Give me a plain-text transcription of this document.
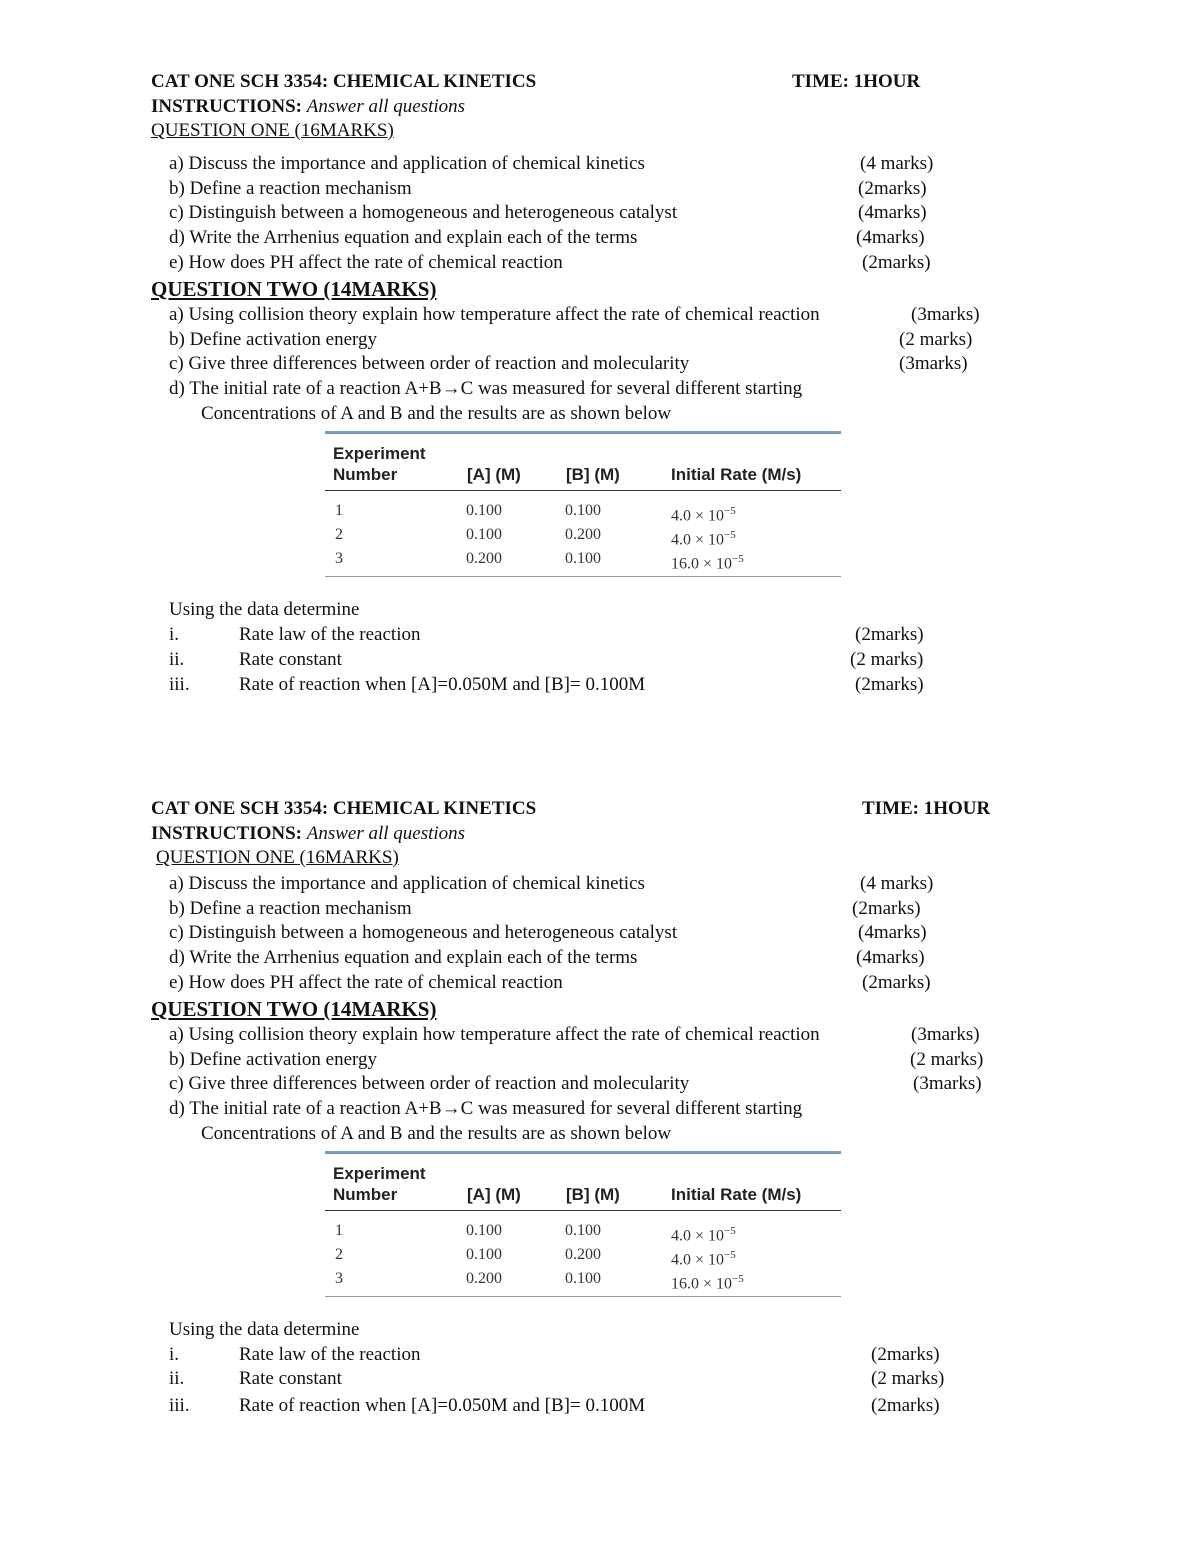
CAT ONE SCH 3354: CHEMICAL KINETICS	TIME: 1HOUR
INSTRUCTIONS: Answer all questions
QUESTION ONE (16MARKS)
a) Discuss the importance and application of chemical kinetics	(4 marks)
b) Define a reaction mechanism	(2marks)
c) Distinguish between a homogeneous and heterogeneous catalyst	(4marks)
d) Write the Arrhenius equation and explain each of the terms	(4marks)
e) How does PH affect the rate of chemical reaction	(2marks)
QUESTION TWO (14MARKS)
a) Using collision theory explain how temperature affect the rate of chemical reaction	(3marks)
b) Define activation energy	(2 marks)
c) Give three differences between order of reaction and molecularity	(3marks)
d) The initial rate of a reaction A+B→C was measured for several different starting
Concentrations of A and B and the results are as shown below
Experiment
Number	[A] (M)	[B] (M)	Initial Rate (M/s)
1	0.100	0.100	$4.0 \times 10^{-5}$
2	0.100	0.200	$4.0 \times 10^{-5}$
3	0.200	0.100	$16.0 \times 10^{-5}$
Using the data determine
i.	Rate law of the reaction	(2marks)
ii.	Rate constant	(2 marks)
iii.	Rate of reaction when [A]=0.050M and [B]= 0.100M	(2marks)
CAT ONE SCH 3354: CHEMICAL KINETICS	TIME: 1HOUR
INSTRUCTIONS: Answer all questions
QUESTION ONE (16MARKS)
a) Discuss the importance and application of chemical kinetics	(4 marks)
b) Define a reaction mechanism	(2marks)
c) Distinguish between a homogeneous and heterogeneous catalyst	(4marks)
d) Write the Arrhenius equation and explain each of the terms	(4marks)
e) How does PH affect the rate of chemical reaction	(2marks)
QUESTION TWO (14MARKS)
a) Using collision theory explain how temperature affect the rate of chemical reaction	(3marks)
b) Define activation energy	(2 marks)
c) Give three differences between order of reaction and molecularity	(3marks)
d) The initial rate of a reaction A+B→C was measured for several different starting
Concentrations of A and B and the results are as shown below
Experiment
Number	[A] (M)	[B] (M)	Initial Rate (M/s)
1	0.100	0.100	$4.0 \times 10^{-5}$
2	0.100	0.200	$4.0 \times 10^{-5}$
3	0.200	0.100	$16.0 \times 10^{-5}$
Using the data determine
i.	Rate law of the reaction	(2marks)
ii.	Rate constant	(2 marks)
iii.	Rate of reaction when [A]=0.050M and [B]= 0.100M	(2marks)
